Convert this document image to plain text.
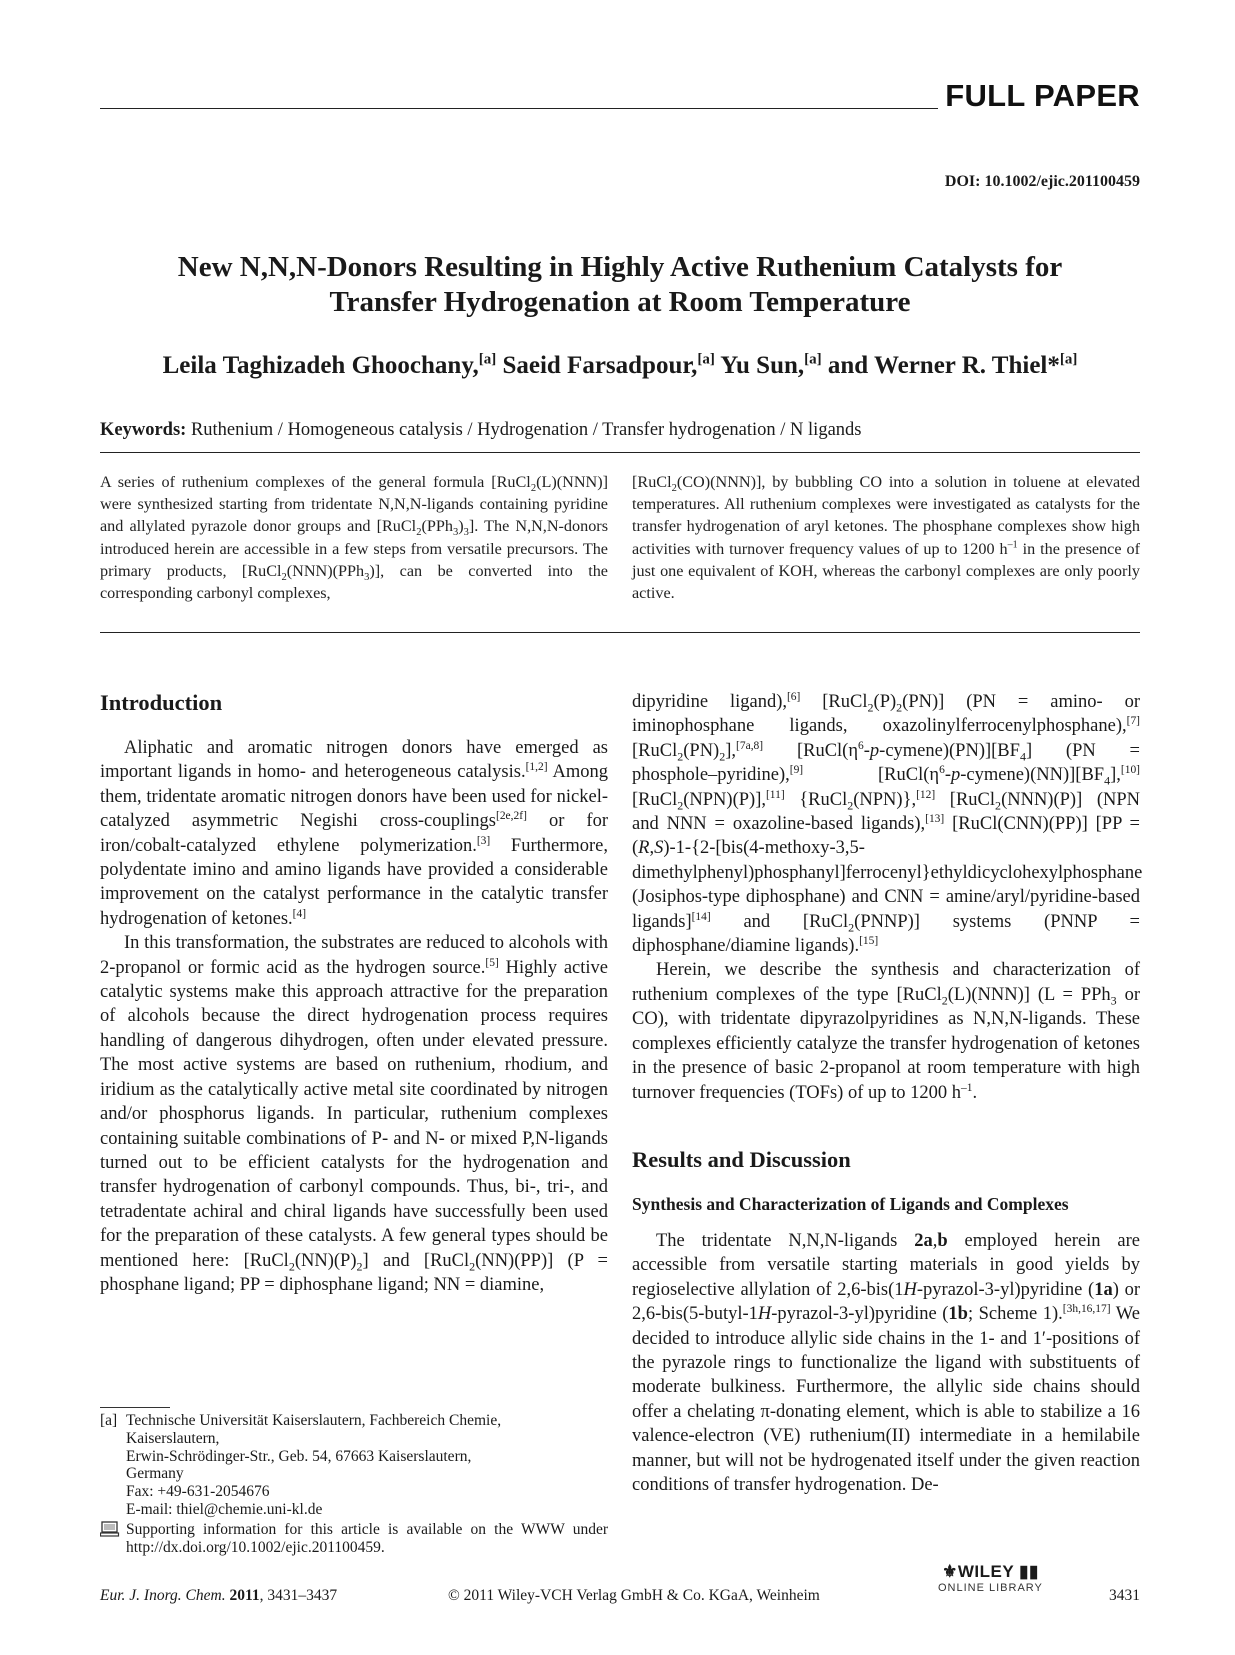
FULL PAPER
DOI: 10.1002/ejic.201100459
New N,N,N-Donors Resulting in Highly Active Ruthenium Catalysts for
Transfer Hydrogenation at Room Temperature
Leila Taghizadeh Ghoochany,[a] Saeid Farsadpour,[a] Yu Sun,[a] and Werner R. Thiel*[a]
Keywords: Ruthenium / Homogeneous catalysis / Hydrogenation / Transfer hydrogenation / N ligands
A series of ruthenium complexes of the general formula [RuCl$_2$(L)(NNN)] were synthesized starting from tridentate N,N,N-ligands containing pyridine and allylated pyrazole donor groups and $[RuCl_2(PPh_3)_3]$. The N,N,N-donors introduced herein are accessible in a few steps from versatile precursors. The primary products, [RuCl$_2$(NNN)(PPh$_3$)], can be converted into the corresponding carbonyl complexes,
[RuCl$_2$(CO)(NNN)], by bubbling CO into a solution in toluene at elevated temperatures. All ruthenium complexes were investigated as catalysts for the transfer hydrogenation of aryl ketones. The phosphane complexes show high activities with turnover frequency values of up to 1200 $h^{-1}$ in the presence of just one equivalent of KOH, whereas the carbonyl complexes are only poorly active.
Introduction

Aliphatic and aromatic nitrogen donors have emerged as important ligands in homo- and heterogeneous catalysis.[1,2] Among them, tridentate aromatic nitrogen donors have been used for nickel-catalyzed asymmetric Negishi cross-couplings[2e,2f] or for iron/cobalt-catalyzed ethylene polymerization.[3] Furthermore, polydentate imino and amino ligands have provided a considerable improvement on the catalyst performance in the catalytic transfer hydrogenation of ketones.[4]

In this transformation, the substrates are reduced to alcohols with 2-propanol or formic acid as the hydrogen source.[5] Highly active catalytic systems make this approach attractive for the preparation of alcohols because the direct hydrogenation process requires handling of dangerous dihydrogen, often under elevated pressure. The most active systems are based on ruthenium, rhodium, and iridium as the catalytically active metal site coordinated by nitrogen and/or phosphorus ligands. In particular, ruthenium complexes containing suitable combinations of P- and N- or mixed P,N-ligands turned out to be efficient catalysts for the hydrogenation and transfer hydrogenation of carbonyl compounds. Thus, bi-, tri-, and tetradentate achiral and chiral ligands have successfully been used for the preparation of these catalysts. A few general types should be mentioned here: $[RuCl_2(NN)(P)_2]$ and [RuCl$_2$(NN)(PP)] (P = phosphane ligand; PP = diphosphane ligand; NN = diamine,

dipyridine ligand),[6] $[RuCl_2(P)_2(PN)] (PN = amino-$ or iminophosphane ligands, oxazolinylferrocenylphosphane),[7] $[RuCl_2(PN)_2],[7a,8]$ $[RuCl(\eta^6-p-cymene)(PN)][BF_4] (PN$ = phosphole–pyridine),[9] $[RuCl(\eta^6-p-cymene)(NN)][BF_4],[10]$ [RuCl$_2$(NPN)(P)],[11] {RuCl$_2$(NPN)},[12] [RuCl$_2$(NNN)(P)] (NPN and NNN = oxazoline-based ligands),[13] [RuCl(CNN)(PP)] [PP = (R,S)-1-{2-[bis(4-methoxy-3,5-dimethylphenyl)phosphanyl]ferrocenyl}ethyldicyclohexylphosphane (Josiphos-type diphosphane) and CNN = amine/aryl/pyridine-based ligands][14] and [RuCl$_2$(PNNP)] systems (PNNP = diphosphane/diamine ligands).[15]

Herein, we describe the synthesis and characterization of ruthenium complexes of the type [RuCl$_2$(L)(NNN)] (L = PPh$_3$ or CO), with tridentate dipyrazolpyridines as N,N,N-ligands. These complexes efficiently catalyze the transfer hydrogenation of ketones in the presence of basic 2-propanol at room temperature with high turnover frequencies (TOFs) of up to 1200 $h^{-1}$.

Results and Discussion
Synthesis and Characterization of Ligands and Complexes

The tridentate N,N,N-ligands 2a,b employed herein are accessible from versatile starting materials in good yields by regioselective allylation of 2,6-bis(1H-pyrazol-3-yl)pyridine (1a) or 2,6-bis(5-butyl-1H-pyrazol-3-yl)pyridine (1b; Scheme 1).[3h,16,17] We decided to introduce allylic side chains in the 1- and 1′-positions of the pyrazole rings to functionalize the ligand with substituents of moderate bulkiness. Furthermore, the allylic side chains should offer a chelating π-donating element, which is able to stabilize a 16 valence-electron (VE) ruthenium(II) intermediate in a hemilabile manner, but will not be hydrogenated itself under the given reaction conditions of transfer hydrogenation. De-

[a] Technische Universität Kaiserslautern, Fachbereich Chemie,
Kaiserslautern,
Erwin-Schrödinger-Str., Geb. 54, 67663 Kaiserslautern,
Germany
Fax: +49-631-2054676
E-mail: thiel@chemie.uni-kl.de
Supporting information for this article is available on the WWW under http://dx.doi.org/10.1002/ejic.201100459.
Eur. J. Inorg. Chem. 2011, 3431–3437	© 2011 Wiley-VCH Verlag GmbH & Co. KGaA, Weinheim
⚜WILEY ▮▮
ONLINE LIBRARY	3431
